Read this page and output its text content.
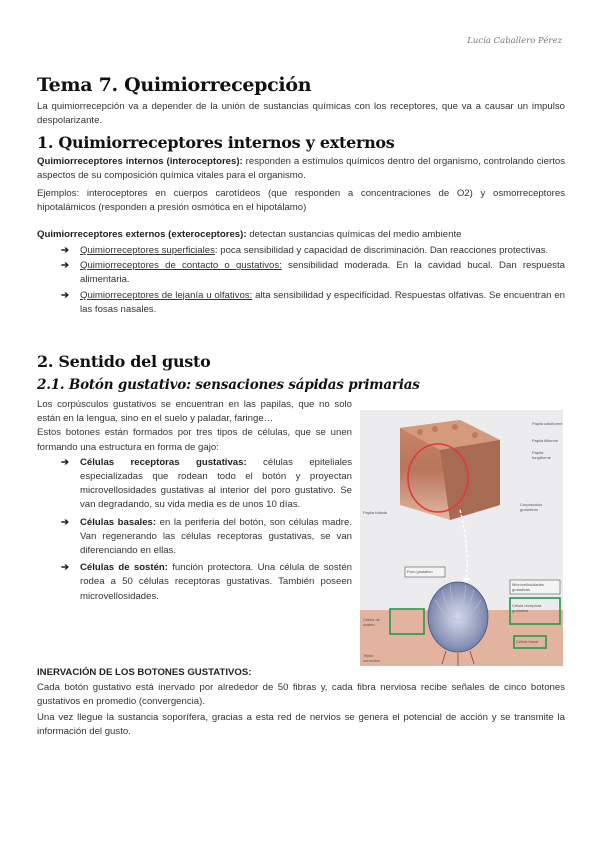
Lucía Caballero Pérez
Tema 7. Quimiorrecepción
La quimiorrecepción va a depender de la unión de sustancias químicas con los receptores, que va a causar un impulso despolarizante.
1. Quimiorreceptores internos y externos
Quimiorreceptores internos (interoceptores): responden a estímulos químicos dentro del organismo, controlando ciertos aspectos de su composición química vitales para el organismo.
Ejemplos: interoceptores en cuerpos carotídeos (que responden a concentraciones de O2) y osmorreceptores hipotalámicos (responden a presión osmótica en el hipotálamo)
Quimiorreceptores externos (exteroceptores): detectan sustancias químicas del medio ambiente
➔ Quimiorreceptores superficiales: poca sensibilidad y capacidad de discriminación. Dan reacciones protectivas.
➔ Quimiorreceptores de contacto o gustativos: sensibilidad moderada. En la cavidad bucal. Dan respuesta alimentaria.
➔ Quimiorreceptores de lejanía u olfativos: alta sensibilidad y especificidad. Respuestas olfativas. Se encuentran en las fosas nasales.
2. Sentido del gusto
2.1. Botón gustativo: sensaciones sápidas primarias
Los corpúsculos gustativos se encuentran en las papilas, que no solo están en la lengua, sino en el suelo y paladar, faringe…
Estos botones están formados por tres tipos de células, que se unen formando una estructura en forma de gajo:
➔ Células receptoras gustativas: células epiteliales especializadas que rodean todo el botón y proyectan microvellosidades gustativas al interior del poro gustativo. Se van degradando, su vida media es de unos 10 días.
➔ Células basales: en la periferia del botón, son células madre. Van regenerando las células receptoras gustativas, se van diferenciando en ellas.
➔ Células de sostén: función protectora. Una célula de sostén rodea a 50 células receptoras gustativas. También poseen microvellosidades.
Papila calciforme
Papila filiforme
Papila fungiforme
Papila foliada
Corpúsculos gustativos
Poro gustativo
Microvellosidades gustativas
Célula receptora gustativa
Célula basal
Célula de sostén
Tejido conectivo
INERVACIÓN DE LOS BOTONES GUSTATIVOS:
Cada botón gustativo está inervado por alrededor de 50 fibras y, cada fibra nerviosa recibe señales de cinco botones gustativos en promedio (convergencia).
Una vez llegue la sustancia soporífera, gracias a esta red de nervios se genera el potencial de acción y se transmite la información del gusto.
